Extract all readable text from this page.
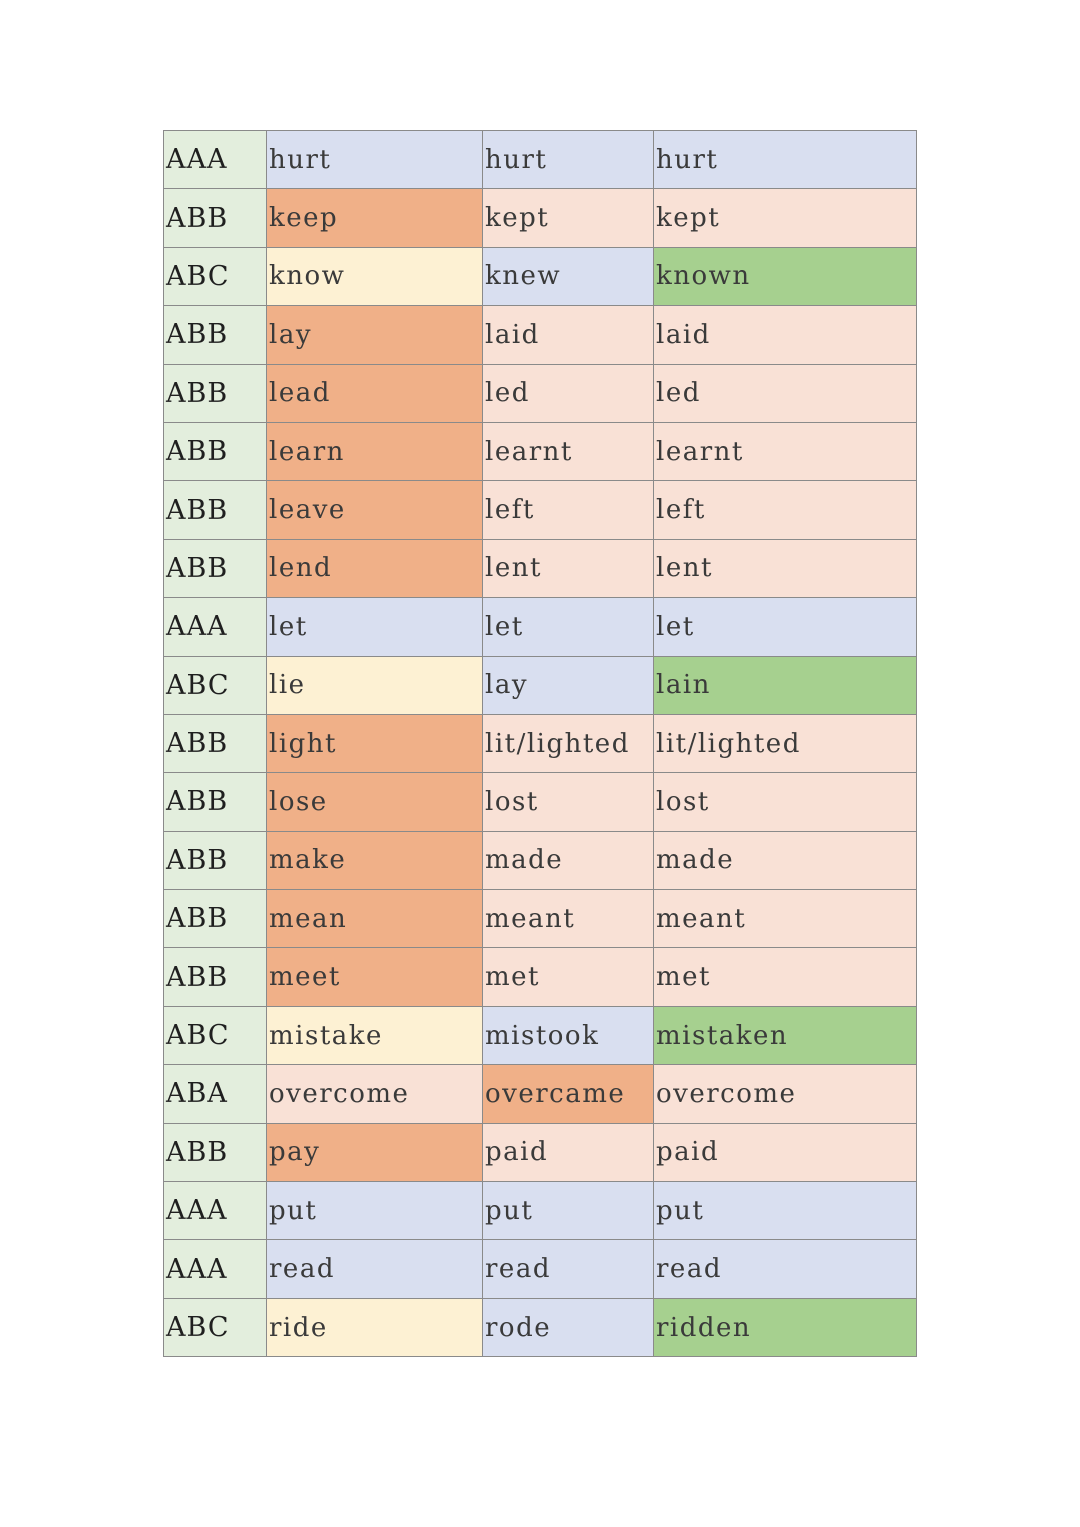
AAA	hurt	hurt	hurt
ABB	keep	kept	kept
ABC	know	knew	known
ABB	lay	laid	laid
ABB	lead	led	led
ABB	learn	learnt	learnt
ABB	leave	left	left
ABB	lend	lent	lent
AAA	let	let	let
ABC	lie	lay	lain
ABB	light	lit/lighted	lit/lighted
ABB	lose	lost	lost
ABB	make	made	made
ABB	mean	meant	meant
ABB	meet	met	met
ABC	mistake	mistook	mistaken
ABA	overcome	overcame	overcome
ABB	pay	paid	paid
AAA	put	put	put
AAA	read	read	read
ABC	ride	rode	ridden
